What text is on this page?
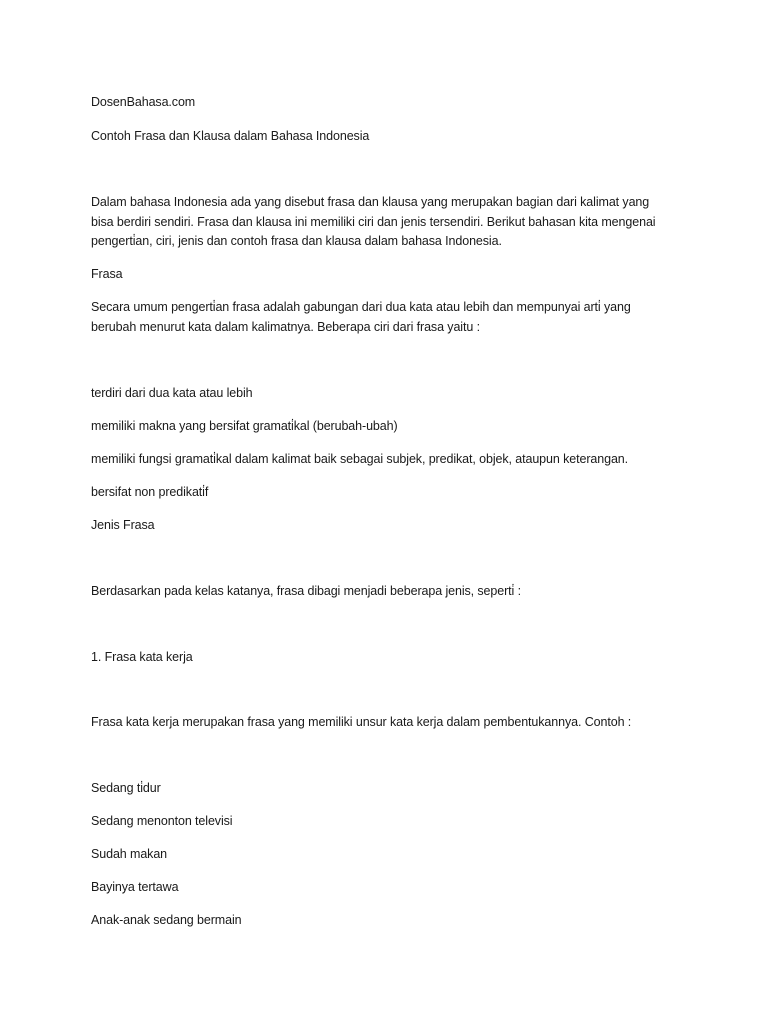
DosenBahasa.com
Contoh Frasa dan Klausa dalam Bahasa Indonesia
Dalam bahasa Indonesia ada yang disebut frasa dan klausa yang merupakan bagian dari kalimat yang
bisa berdiri sendiri. Frasa dan klausa ini memiliki ciri dan jenis tersendiri. Berikut bahasan kita mengenai
pengerti̇an, ciri, jenis dan contoh frasa dan klausa dalam bahasa Indonesia.
Frasa
Secara umum pengerti̇an frasa adalah gabungan dari dua kata atau lebih dan mempunyai arti̇ yang
berubah menurut kata dalam kalimatnya. Beberapa ciri dari frasa yaitu :
terdiri dari dua kata atau lebih
memiliki makna yang bersifat gramati̇kal (berubah-ubah)
memiliki fungsi gramati̇kal dalam kalimat baik sebagai subjek, predikat, objek, ataupun keterangan.
bersifat non predikati̇f
Jenis Frasa
Berdasarkan pada kelas katanya, frasa dibagi menjadi beberapa jenis, seperti̇ :
1. Frasa kata kerja
Frasa kata kerja merupakan frasa yang memiliki unsur kata kerja dalam pembentukannya. Contoh :
Sedang ti̇dur
Sedang menonton televisi
Sudah makan
Bayinya tertawa
Anak-anak sedang bermain
